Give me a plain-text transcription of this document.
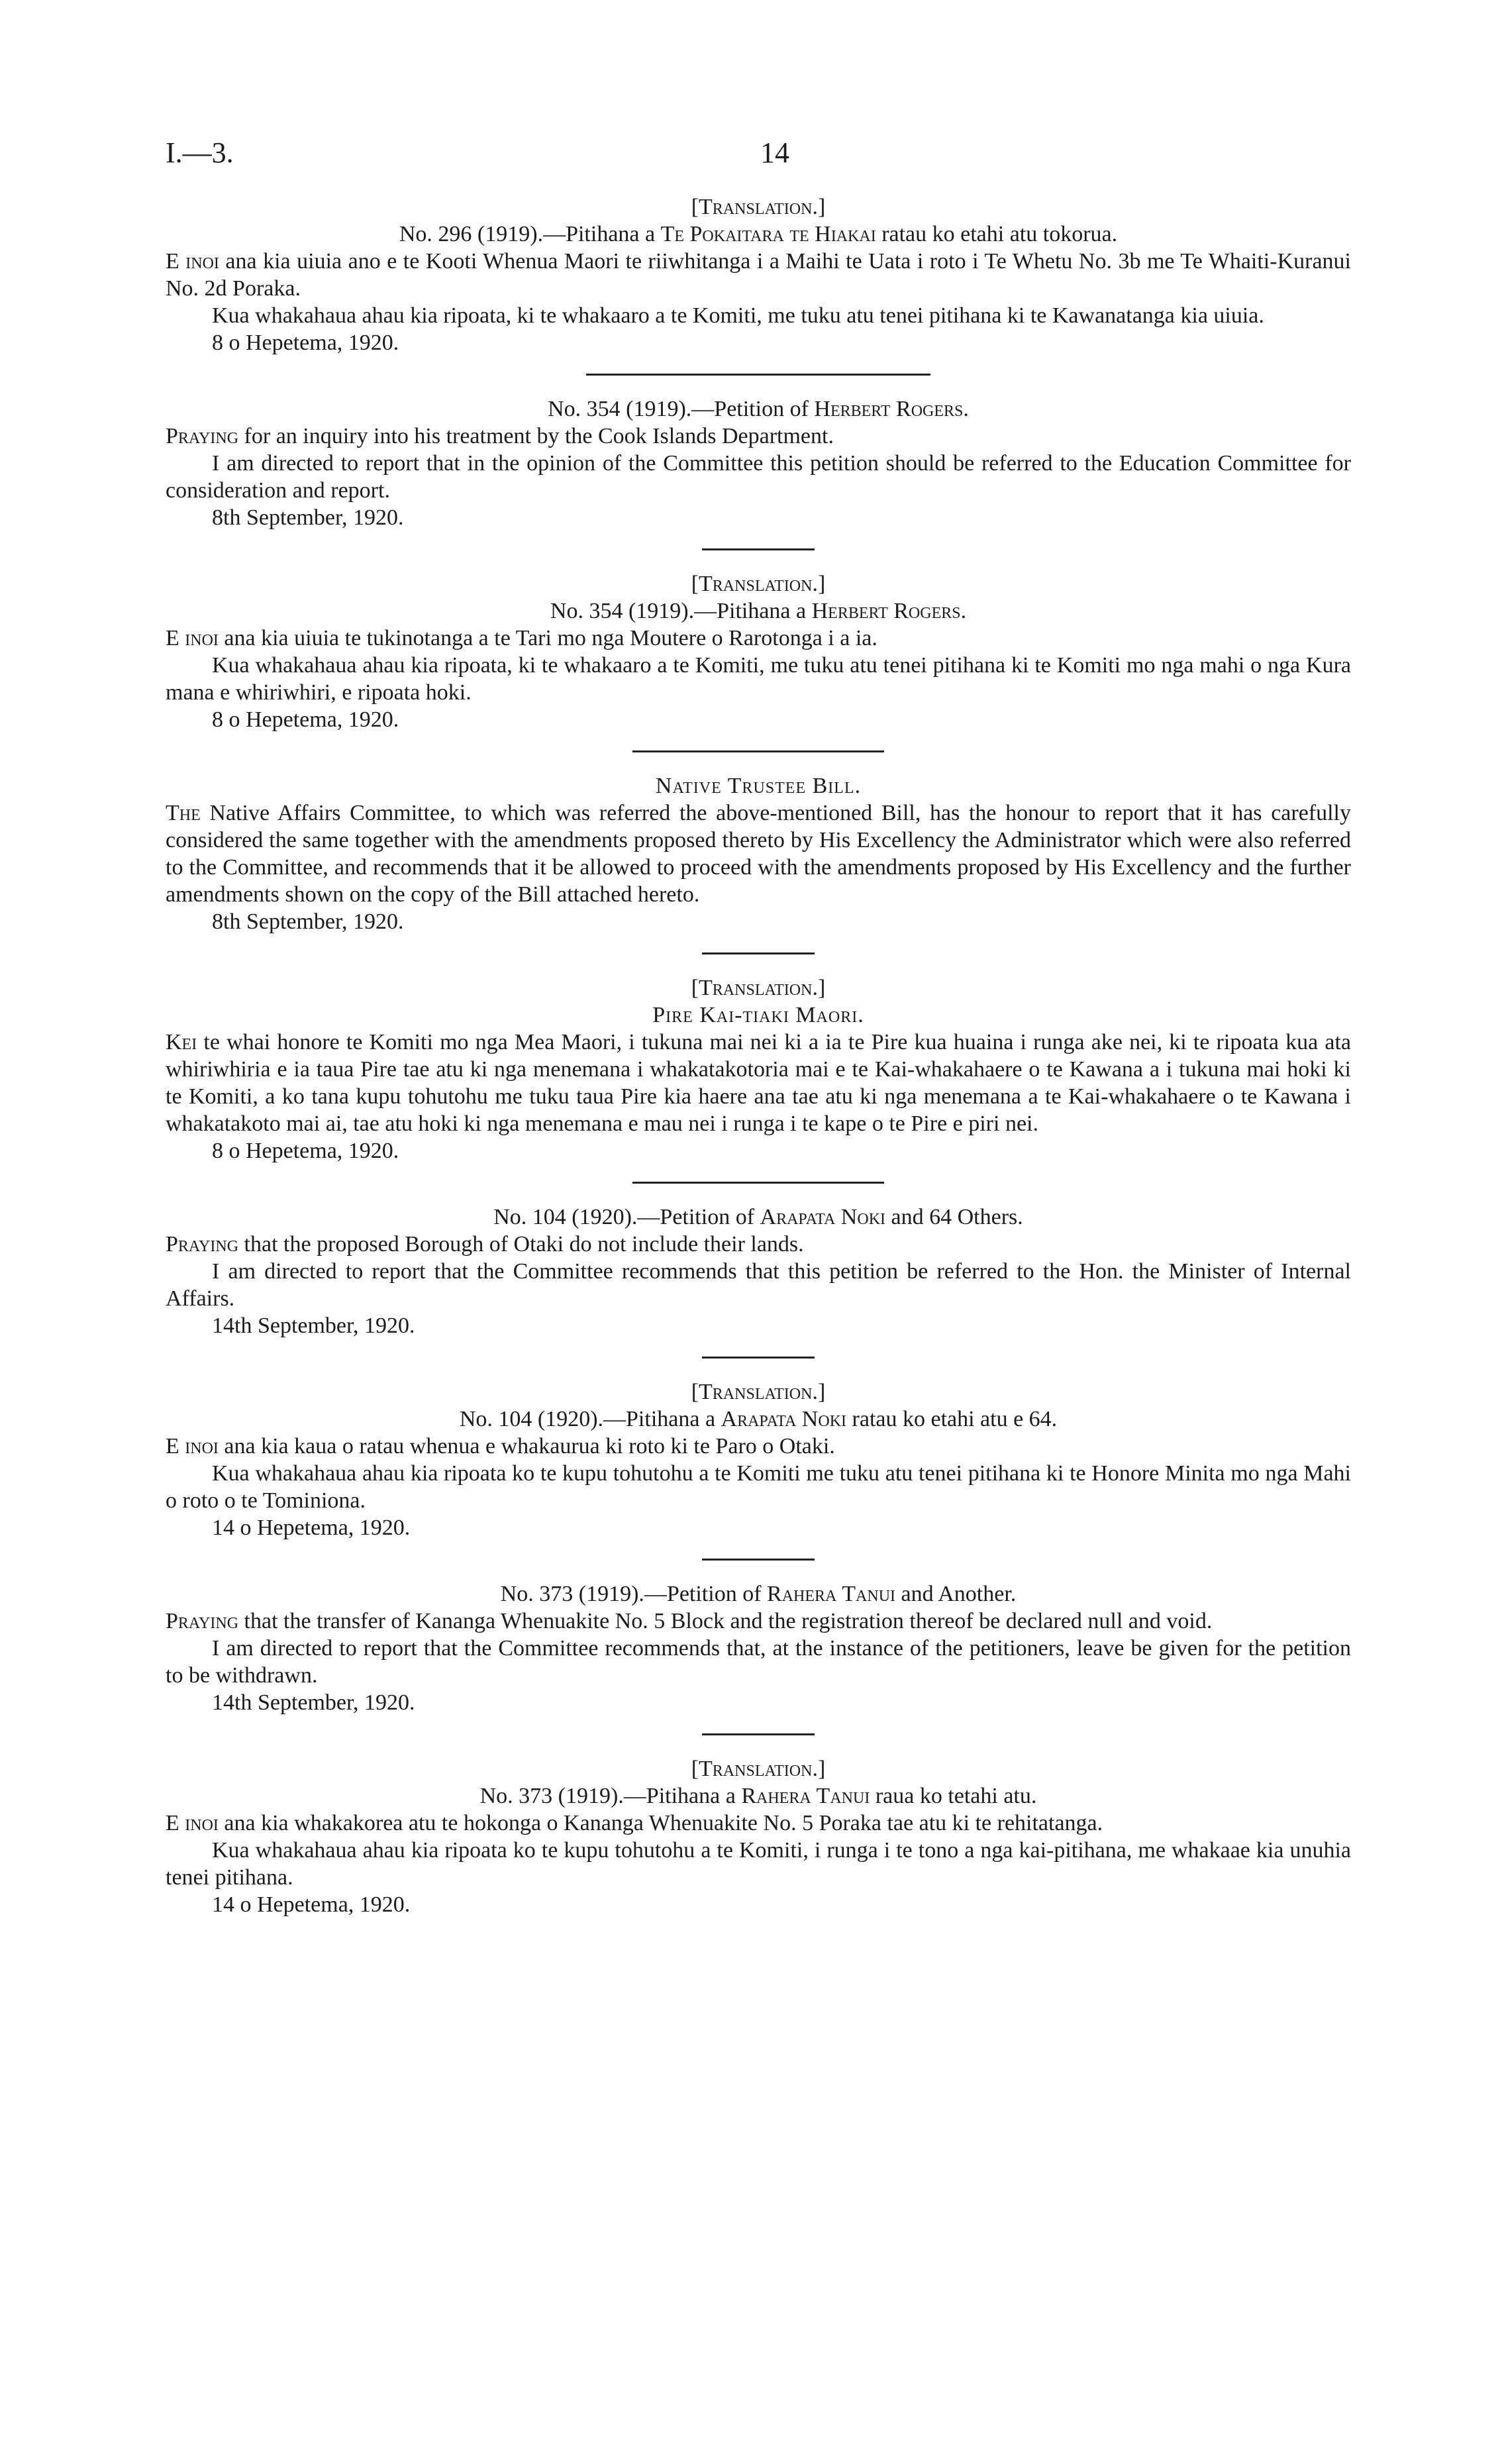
I.—3.	14
[Translation.]
No. 296 (1919).—Pitihana a Te Pokaitara te Hiakai ratau ko etahi atu tokorua.

E inoi ana kia uiuia ano e te Kooti Whenua Maori te riiwhitanga i a Maihi te Uata i roto i Te Whetu No. 3b me Te Whaiti-Kuranui No. 2d Poraka.

Kua whakahaua ahau kia ripoata, ki te whakaaro a te Komiti, me tuku atu tenei pitihana ki te Kawanatanga kia uiuia.

8 o Hepetema, 1920.
No. 354 (1919).—Petition of Herbert Rogers.

Praying for an inquiry into his treatment by the Cook Islands Department.

I am directed to report that in the opinion of the Committee this petition should be referred to the Education Committee for consideration and report.

8th September, 1920.
[Translation.]
No. 354 (1919).—Pitihana a Herbert Rogers.

E inoi ana kia uiuia te tukinotanga a te Tari mo nga Moutere o Rarotonga i a ia.

Kua whakahaua ahau kia ripoata, ki te whakaaro a te Komiti, me tuku atu tenei pitihana ki te Komiti mo nga mahi o nga Kura mana e whiriwhiri, e ripoata hoki.

8 o Hepetema, 1920.
Native Trustee Bill.

The Native Affairs Committee, to which was referred the above-mentioned Bill, has the honour to report that it has carefully considered the same together with the amendments proposed thereto by His Excellency the Administrator which were also referred to the Committee, and recommends that it be allowed to proceed with the amendments proposed by His Excellency and the further amendments shown on the copy of the Bill attached hereto.

8th September, 1920.
[Translation.]
Pire Kai-tiaki Maori.

Kei te whai honore te Komiti mo nga Mea Maori, i tukuna mai nei ki a ia te Pire kua huaina i runga ake nei, ki te ripoata kua ata whiriwhiria e ia taua Pire tae atu ki nga menemana i whakatakotoria mai e te Kai-whakahaere o te Kawana a i tukuna mai hoki ki te Komiti, a ko tana kupu tohutohu me tuku taua Pire kia haere ana tae atu ki nga menemana a te Kai-whakahaere o te Kawana i whakatakoto mai ai, tae atu hoki ki nga menemana e mau nei i runga i te kape o te Pire e piri nei.

8 o Hepetema, 1920.
No. 104 (1920).—Petition of Arapata Noki and 64 Others.

Praying that the proposed Borough of Otaki do not include their lands.

I am directed to report that the Committee recommends that this petition be referred to the Hon. the Minister of Internal Affairs.

14th September, 1920.
[Translation.]
No. 104 (1920).—Pitihana a Arapata Noki ratau ko etahi atu e 64.

E inoi ana kia kaua o ratau whenua e whakaurua ki roto ki te Paro o Otaki.

Kua whakahaua ahau kia ripoata ko te kupu tohutohu a te Komiti me tuku atu tenei pitihana ki te Honore Minita mo nga Mahi o roto o te Tominiona.

14 o Hepetema, 1920.
No. 373 (1919).—Petition of Rahera Tanui and Another.

Praying that the transfer of Kananga Whenuakite No. 5 Block and the registration thereof be declared null and void.

I am directed to report that the Committee recommends that, at the instance of the petitioners, leave be given for the petition to be withdrawn.

14th September, 1920.
[Translation.]
No. 373 (1919).—Pitihana a Rahera Tanui raua ko tetahi atu.

E inoi ana kia whakakorea atu te hokonga o Kananga Whenuakite No. 5 Poraka tae atu ki te rehitatanga.

Kua whakahaua ahau kia ripoata ko te kupu tohutohu a te Komiti, i runga i te tono a nga kai-pitihana, me whakaae kia unuhia tenei pitihana.

14 o Hepetema, 1920.
